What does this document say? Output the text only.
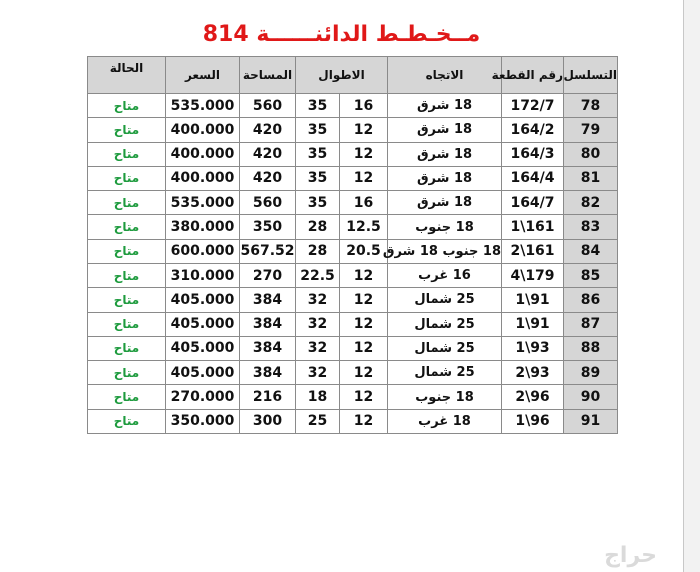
مــخـطـط الدائنــــــة 814
التسلسل	رقم القطعة	الاتجاه	الاطوال		المساحة	السعر	الحالة
78	172/7	18 شرق	16	35	560	535.000	متاح
79	164/2	18 شرق	12	35	420	400.000	متاح
80	164/3	18 شرق	12	35	420	400.000	متاح
81	164/4	18 شرق	12	35	420	400.000	متاح
82	164/7	18 شرق	16	35	560	535.000	متاح
83	161\1	18 جنوب	12.5	28	350	380.000	متاح
84	161\2	18 جنوب 18 شرق	20.5	28	567.52	600.000	متاح
85	179\4	16 غرب	12	22.5	270	310.000	متاح
86	91\1	25 شمال	12	32	384	405.000	متاح
87	91\1	25 شمال	12	32	384	405.000	متاح
88	93\1	25 شمال	12	32	384	405.000	متاح
89	93\2	25 شمال	12	32	384	405.000	متاح
90	96\2	18 جنوب	12	18	216	270.000	متاح
91	96\1	18 غرب	12	25	300	350.000	متاح
حراج
